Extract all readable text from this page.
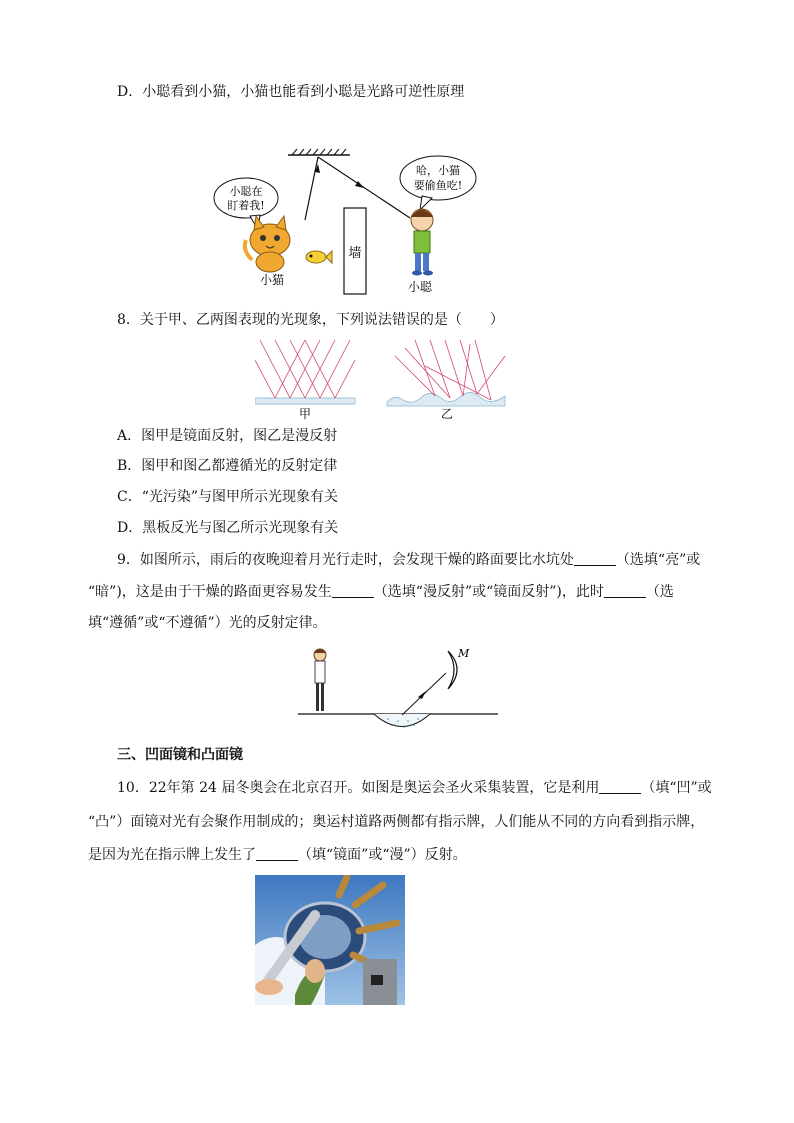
D．小聪看到小猫，小猫也能看到小聪是光路可逆性原理
墙
小聪在
盯着我!
小猫
哈，小猫
要偷鱼吃!
小聪
8．关于甲、乙两图表现的光现象，下列说法错误的是（　　）
甲	乙
A．图甲是镜面反射，图乙是漫反射
B．图甲和图乙都遵循光的反射定律
C．“光污染”与图甲所示光现象有关
D．黑板反光与图乙所示光现象有关
9．如图所示，雨后的夜晚迎着月光行走时，会发现干燥的路面要比水坑处	（选填“亮”或
“暗”)，这是由于干燥的路面更容易发生	（选填“漫反射”或“镜面反射”)，此时	（选
填“遵循”或“不遵循”）光的反射定律。
M
三、凹面镜和凸面镜
10．22年第 24 届冬奥会在北京召开。如图是奥运会圣火采集装置，它是利用	（填“凹”或
“凸”）面镜对光有会聚作用制成的；奥运村道路两侧都有指示牌，人们能从不同的方向看到指示牌，
是因为光在指示牌上发生了	（填“镜面”或“漫”）反射。
